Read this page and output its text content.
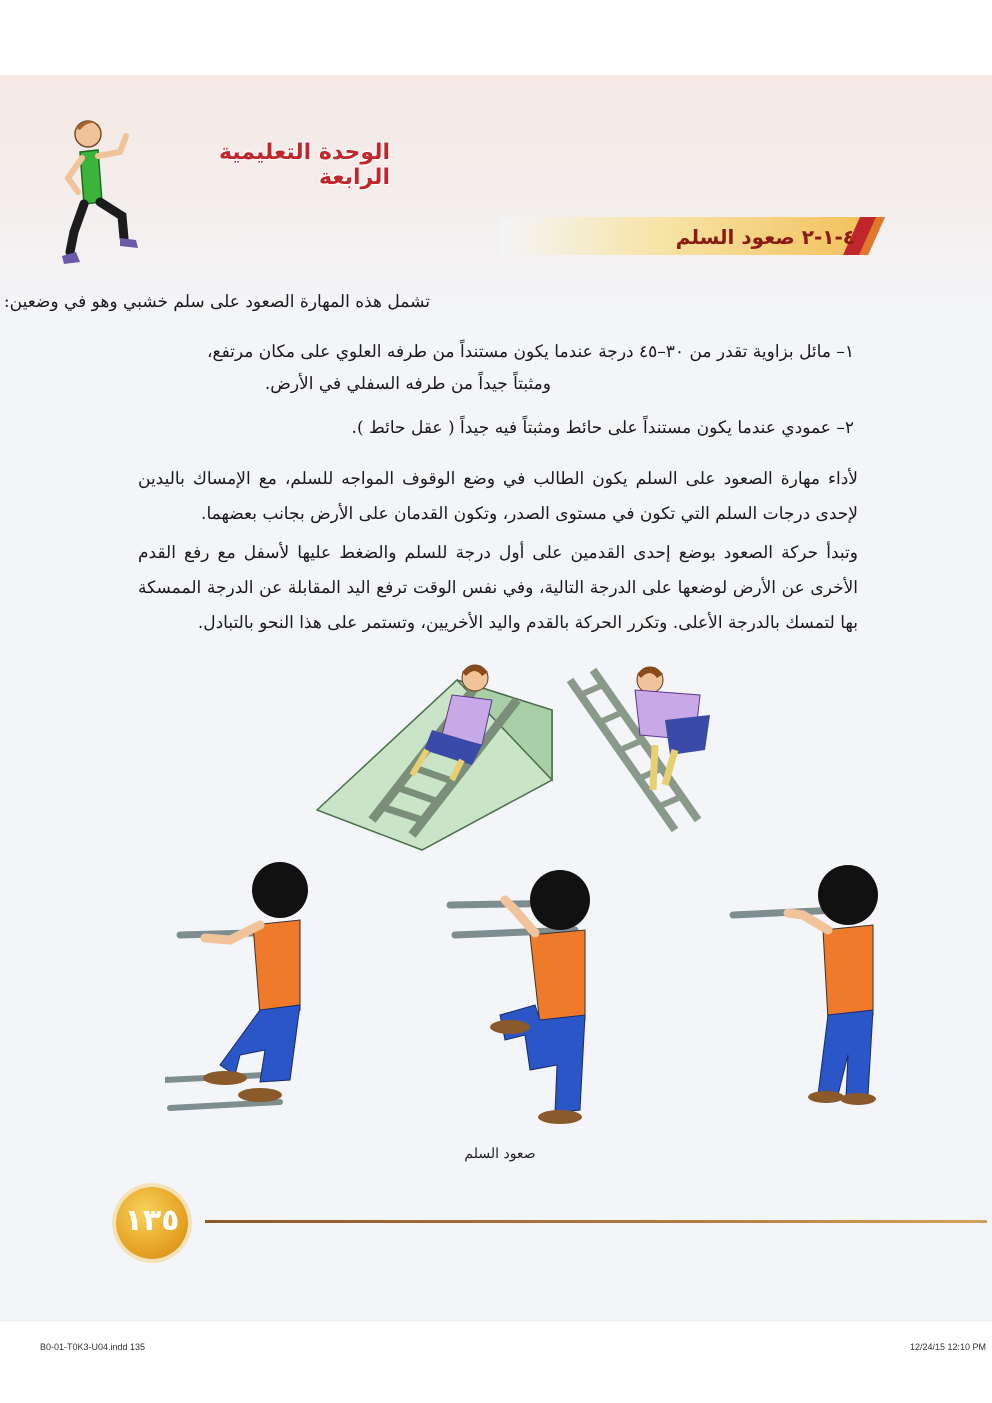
الوحدة التعليمية الرابعة
٤-١-٢ صعود السلم
تشمل هذه المهارة الصعود على سلم خشبي وهو في وضعين:
١– مائل بزاوية تقدر من ٣٠–٤٥ درجة عندما يكون مستنداً من طرفه العلوي على مكان مرتفع،
ومثبتاً جيداً من طرفه السفلي في الأرض.
٢– عمودي عندما يكون مستنداً على حائط ومثبتاً فيه جيداً ( عقل حائط ).
لأداء مهارة الصعود على السلم يكون الطالب في وضع الوقوف المواجه للسلم، مع الإمساك باليدين لإحدى درجات السلم التي تكون في مستوى الصدر، وتكون القدمان على الأرض بجانب بعضهما.
وتبدأ حركة الصعود بوضع إحدى القدمين على أول درجة للسلم والضغط عليها لأسفل مع رفع القدم الأخرى عن الأرض لوضعها على الدرجة التالية، وفي نفس الوقت ترفع اليد المقابلة عن الدرجة الممسكة بها لتمسك بالدرجة الأعلى. وتكرر الحركة بالقدم واليد الأخريين، وتستمر على هذا النحو بالتبادل.
صعود السلم
١٣٥
B0-01-T0K3-U04.indd 135	12/24/15 12:10 PM
